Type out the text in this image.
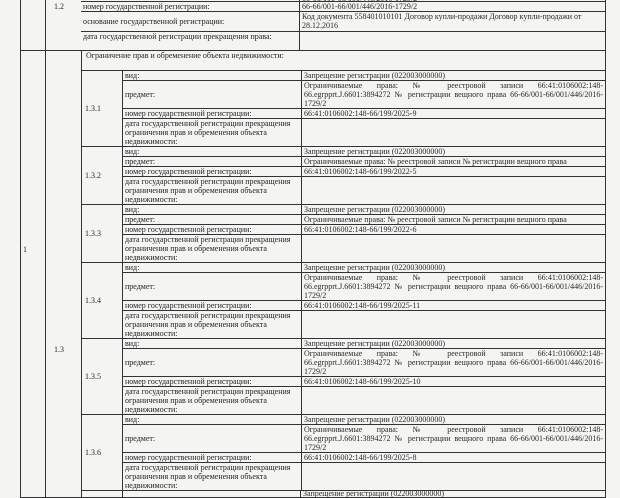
1.2	номер государственной регистрации:	66-66/001-66/001/446/2016-1729/2
основание государственной регистрации:
Код документа 558401010101 Договор купли-продажи Договор купли-продажи от 28.12.2016
дата государственной регистрации прекращения права:
1
1.3
Ограничение прав и обременение объекта недвижимости:
1.3.1
вид:	Запрещение регистрации (022003000000)
предмет:
Ограничиваемые права: № реестровой записи 66:41:0106002:148-66.egrpprt.J.6601:3894272 № регистрации вещного права 66-66/001-66/001/446/2016-1729/2
номер государственной регистрации:	66:41:0106002:148-66/199/2025-9
дата государственной регистрации прекращения ограничения прав и обременения объекта недвижимости:
1.3.2
вид:	Запрещение регистрации (022003000000)
предмет:	Ограничиваемые права: № реестровой записи № регистрации вещного права
номер государственной регистрации:	66:41:0106002:148-66/199/2022-5
дата государственной регистрации прекращения ограничения прав и обременения объекта недвижимости:
1.3.3
вид:	Запрещение регистрации (022003000000)
предмет:	Ограничиваемые права: № реестровой записи № регистрации вещного права
номер государственной регистрации:	66:41:0106002:148-66/199/2022-6
дата государственной регистрации прекращения ограничения прав и обременения объекта недвижимости:
1.3.4
вид:	Запрещение регистрации (022003000000)
предмет:
Ограничиваемые права: № реестровой записи 66:41:0106002:148-66.egrpprt.J.6601:3894272 № регистрации вещного права 66-66/001-66/001/446/2016-1729/2
номер государственной регистрации:	66:41:0106002:148-66/199/2025-11
дата государственной регистрации прекращения ограничения прав и обременения объекта недвижимости:
1.3.5
вид:	Запрещение регистрации (022003000000)
предмет:
Ограничиваемые права: № реестровой записи 66:41:0106002:148-66.egrpprt.J.6601:3894272 № регистрации вещного права 66-66/001-66/001/446/2016-1729/2
номер государственной регистрации:	66:41:0106002:148-66/199/2025-10
дата государственной регистрации прекращения ограничения прав и обременения объекта недвижимости:
1.3.6
вид:	Запрещение регистрации (022003000000)
предмет:
Ограничиваемые права: № реестровой записи 66:41:0106002:148-66.egrpprt.J.6601:3894272 № регистрации вещного права 66-66/001-66/001/446/2016-1729/2
номер государственной регистрации:	66:41:0106002:148-66/199/2025-8
дата государственной регистрации прекращения ограничения прав и обременения объекта недвижимости:
Запрещение регистрации (022003000000)
